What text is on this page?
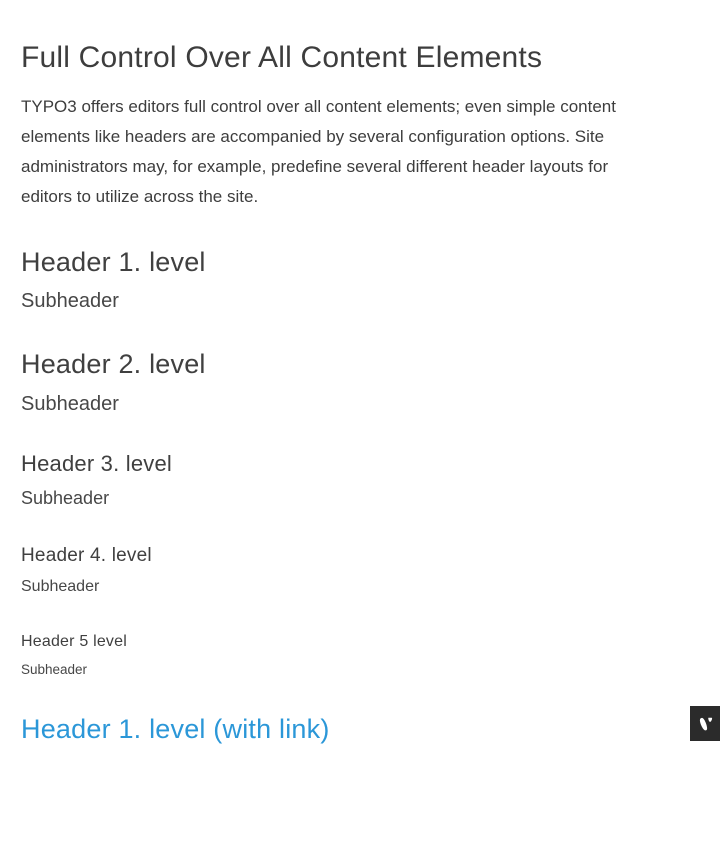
Full Control Over All Content Elements
TYPO3 offers editors full control over all content elements; even simple content
elements like headers are accompanied by several configuration options. Site
administrators may, for example, predefine several different header layouts for
editors to utilize across the site.
Header 1. level

Subheader

Header 2. level

Subheader

Header 3. level

Subheader

Header 4. level

Subheader

Header 5 level

Subheader

Header 1. level (with link)
